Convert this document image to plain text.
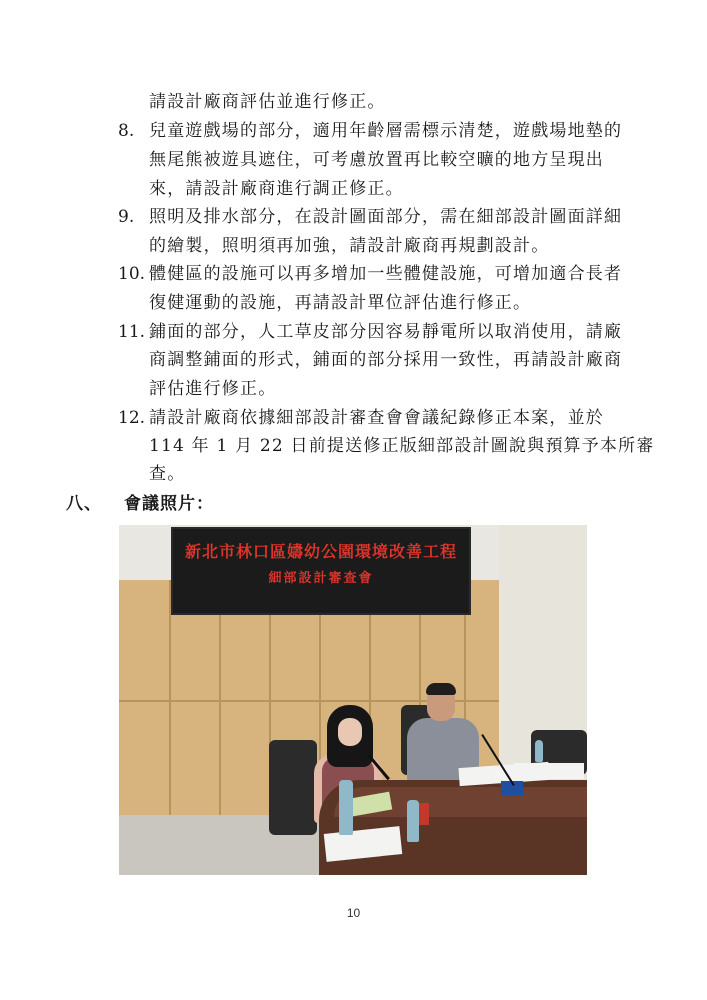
請設計廠商評估並進行修正。
8. 兒童遊戲場的部分，適用年齡層需標示清楚，遊戲場地墊的
無尾熊被遊具遮住，可考慮放置再比較空曠的地方呈現出
來，請設計廠商進行調正修正。
9. 照明及排水部分，在設計圖面部分，需在細部設計圖面詳細
的繪製，照明須再加強，請設計廠商再規劃設計。
10. 體健區的設施可以再多增加一些體健設施，可增加適合長者
復健運動的設施，再請設計單位評估進行修正。
11. 鋪面的部分，人工草皮部分因容易靜電所以取消使用，請廠
商調整鋪面的形式，鋪面的部分採用一致性，再請設計廠商
評估進行修正。
12. 請設計廠商依據細部設計審查會會議紀錄修正本案，並於
114 年 1 月 22 日前提送修正版細部設計圖說與預算予本所審
查。
八、 會議照片：
新北市林口區嬦幼公園環境改善工程
細部設計審查會
10
